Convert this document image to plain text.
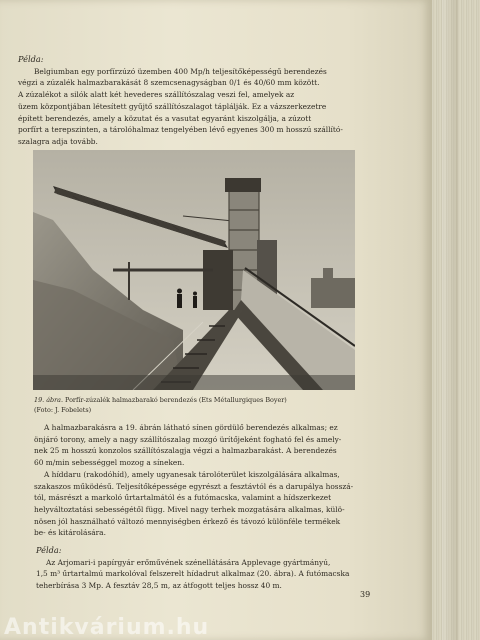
Példa:
Belgiumban egy porfírzúzó üzemben 400 Mp/h teljesítőképességű berendezés
végzi a zúzalék halmazbarakását 8 szemcsenagyságban 0/1 és 40/60 mm között.
A zúzalékot a silók alatt két hevederes szállítószalag veszi fel, amelyek az
üzem központjában létesített gyűjtő szállítószalagot táplálják. Ez a vázszerkezetre
épített berendezés, amely a közutat és a vasutat egyaránt kiszolgálja, a zúzott
porfírt a terepszinten, a tárolóhalmaz tengelyében lévő egyenes 300 m hosszú szállító-
szalagra adja tovább.
19. ábra. Porfír-zúzalék halmazbarakó berendezés (Ets Métallurgiques Boyer)
(Foto: J. Fobelets)
A halmazbarakásra a 19. ábrán látható sínen gördülő berendezés alkalmas; ez
önjáró torony, amely a nagy szállítószalag mozgó ürítőjeként fogható fel és amely-
nek 25 m hosszú konzolos szállítószalagja végzi a halmazbarakást. A berendezés
60 m/min sebességgel mozog a síneken.
A híddaru (rakodóhíd), amely ugyanesak tárolóterület kiszolgálására alkalmas,
szakaszos működésű. Teljesítőképessége egyrészt a fesztávtól és a darupálya hosszá-
tól, másrészt a markoló űrtartalmától és a futómacska, valamint a hídszerkezet
helyváltoztatási sebességétől függ. Mivel nagy terhek mozgatására alkalmas, külö-
nösen jól használható változó mennyiségben érkező és távozó különféle termékek
be- és kitárolására.
Példa:
Az Arjomari-i papírgyár erőművének szénellátására Applevage gyártmányú,
1,5 m³ űrtartalmú markolóval felszerelt hídadrut alkalmaz (20. ábra). A futómacska
teherbírása 3 Mp. A fesztáv 28,5 m, az átfogott teljes hossz 40 m.
39
Antikvárium.hu
